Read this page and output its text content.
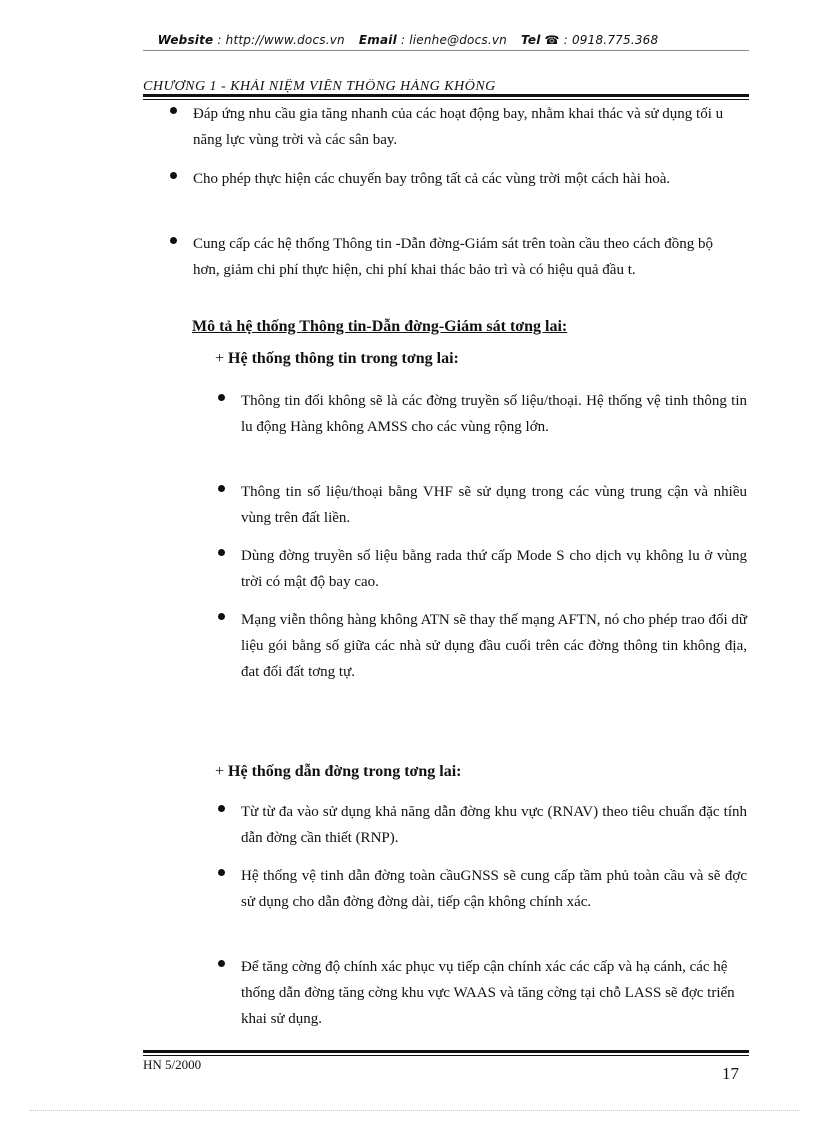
Website : http://www.docs.vn Email : lienhe@docs.vn Tel ☎ : 0918.775.368
CHƯƠNG 1 - KHÁI NIỆM VIỄN THÔNG HÀNG KHÔNG
Đáp ứng nhu cầu gia tăng nhanh của các hoạt động bay, nhằm khai thác và sử dụng tối u năng lực vùng trời và các sân bay.
Cho phép thực hiện các chuyến bay trông tất cả các vùng trời một cách hài hoà.
Cung cấp các hệ thống Thông tin -Dẫn đờng-Giám sát trên toàn cầu theo cách đồng bộ hơn, giảm chi phí thực hiện, chi phí khai thác bảo trì và có hiệu quả đầu t.
Mô tả hệ thống Thông tin-Dẫn đờng-Giám sát tơng lai:
+ Hệ thống thông tin trong tơng lai:
Thông tin đối không sẽ là các đờng truyền số liệu/thoại. Hệ thống vệ tinh thông tin lu động Hàng không AMSS cho các vùng rộng lớn.
Thông tin số liệu/thoại bằng VHF sẽ sử dụng trong các vùng trung cận và nhiều vùng trên đất liền.
Dùng đờng truyền số liệu bằng rada thứ cấp Mode S cho dịch vụ không lu ở vùng trời có mật độ bay cao.
Mạng viễn thông hàng không ATN sẽ thay thế mạng AFTN, nó cho phép trao đổi dữ liệu gói bằng số giữa các nhà sử dụng đầu cuối trên các đờng thông tin không địa, đat đối đất tơng tự.
+ Hệ thống dẫn đờng trong tơng lai:
Từ từ đa vào sử dụng khả năng dẫn đờng khu vực (RNAV) theo tiêu chuẩn đặc tính dẫn đờng cần thiết (RNP).
Hệ thống vệ tinh dẫn đờng toàn cầuGNSS sẽ cung cấp tầm phủ toàn cầu và sẽ đợc sử dụng cho dẫn đờng đờng dài, tiếp cận không chính xác.
Để tăng cờng độ chính xác phục vụ tiếp cận chính xác các cấp và hạ cánh, các hệ thống dẫn đờng tăng cờng khu vực WAAS và tăng cờng tại chỗ LASS sẽ đợc triển khai sử dụng.
HN 5/2000	17
